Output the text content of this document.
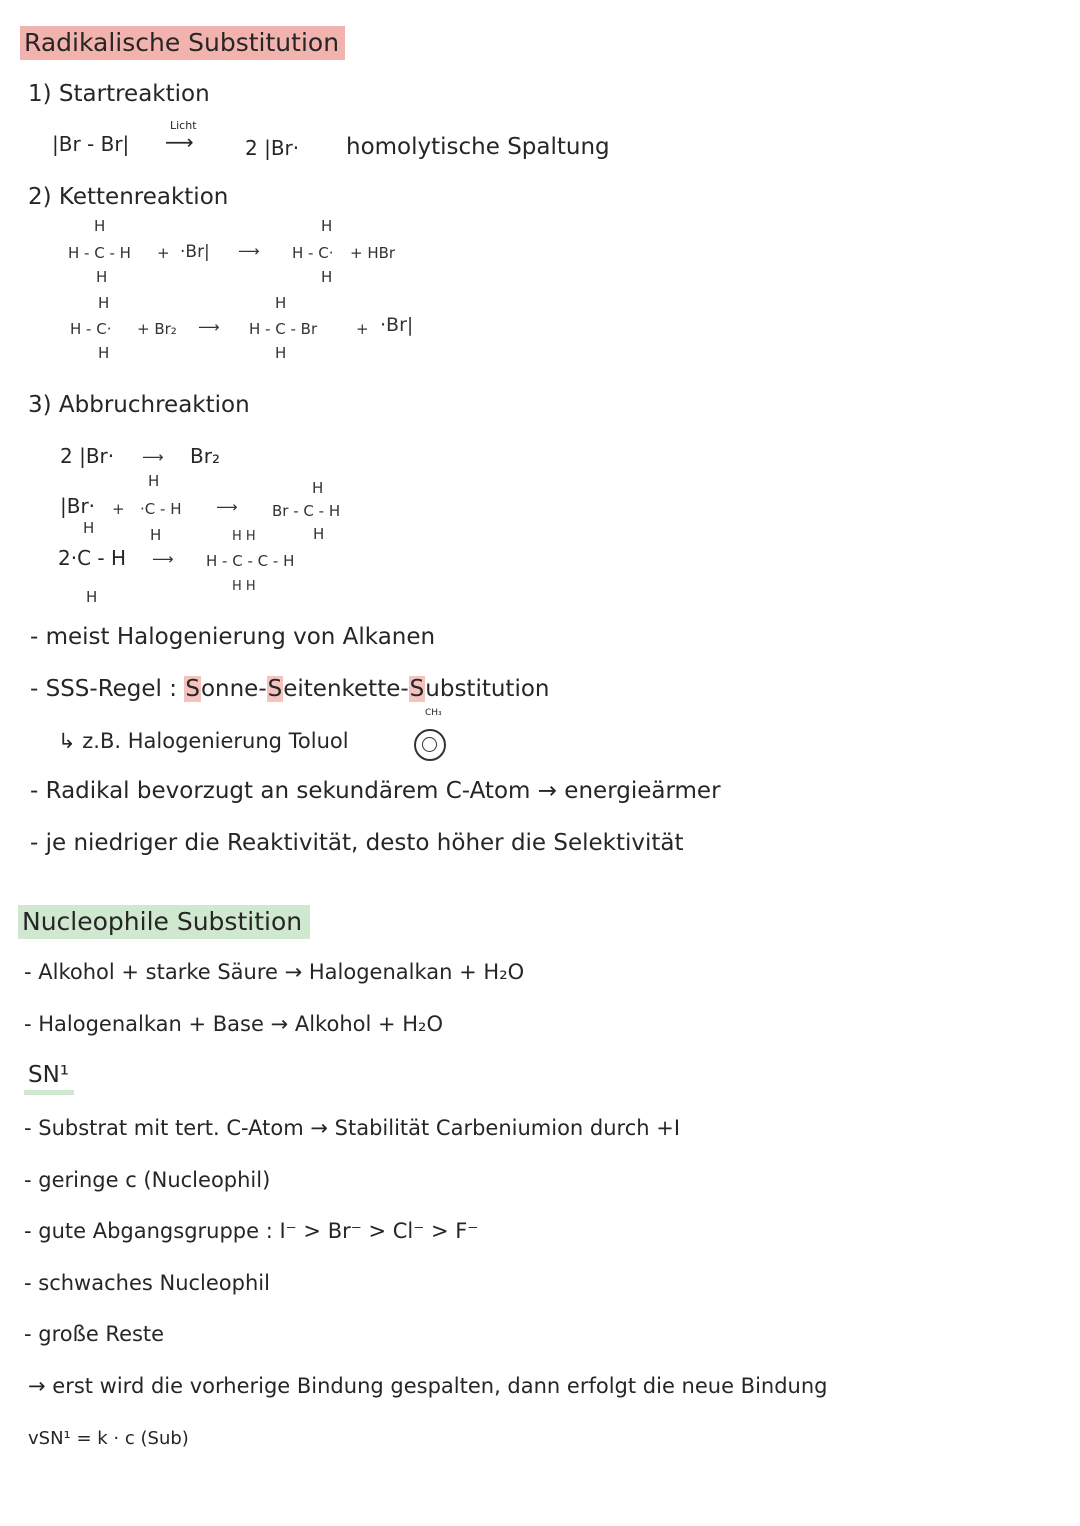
Radikalische Substitution
1) Startreaktion
|Br - Br|
Licht
⟶	2 |Br· homolytische Spaltung
2) Kettenreaktion
H
H - C - H
H
+ ·Br| ⟶
H
H - C·
H
+ HBr
H
H - C·
H
+ Br₂ ⟶
H
H - C - Br
H
+ ·Br|
3) Abbruchreaktion
2 |Br· ⟶ Br₂
H
|Br· + ·C - H
H
⟶
H
Br - C - H
H
H
2·C - H
H
⟶
H H
H - C - C - H
H H
- meist Halogenierung von Alkanen
- SSS-Regel : Sonne-Seitenkette-Substitution
↳ z.B. Halogenierung Toluol
CH₃
- Radikal bevorzugt an sekundärem C-Atom → energieärmer
- je niedriger die Reaktivität, desto höher die Selektivität
Nucleophile Substition
- Alkohol + starke Säure → Halogenalkan + H₂O
- Halogenalkan + Base → Alkohol + H₂O
SN¹
- Substrat mit tert. C-Atom → Stabilität Carbeniumion durch +I
- geringe c (Nucleophil)
- gute Abgangsgruppe : I⁻ > Br⁻ > Cl⁻ > F⁻
- schwaches Nucleophil
- große Reste
→ erst wird die vorherige Bindung gespalten, dann erfolgt die neue Bindung
vSN¹ = k · c (Sub)
